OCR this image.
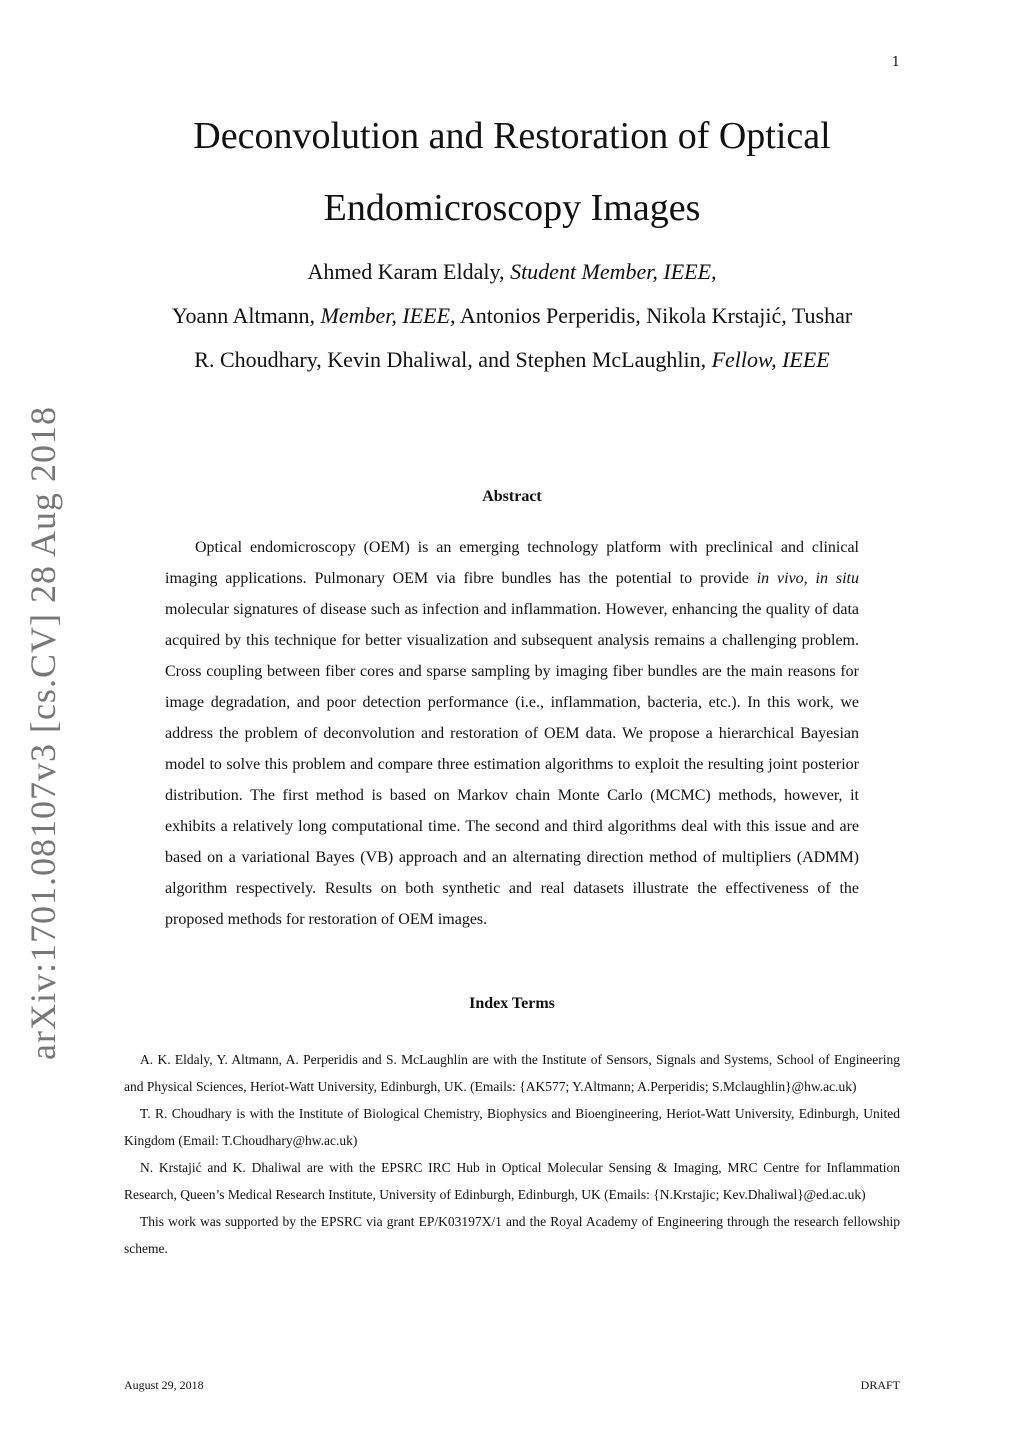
1
arXiv:1701.08107v3 [cs.CV] 28 Aug 2018
Deconvolution and Restoration of Optical
Endomicroscopy Images
Ahmed Karam Eldaly, Student Member, IEEE,
Yoann Altmann, Member, IEEE, Antonios Perperidis, Nikola Krstajić, Tushar
R. Choudhary, Kevin Dhaliwal, and Stephen McLaughlin, Fellow, IEEE
Abstract

Optical endomicroscopy (OEM) is an emerging technology platform with preclinical and clinical imaging applications. Pulmonary OEM via fibre bundles has the potential to provide in vivo, in situ molecular signatures of disease such as infection and inflammation. However, enhancing the quality of data acquired by this technique for better visualization and subsequent analysis remains a challenging problem. Cross coupling between fiber cores and sparse sampling by imaging fiber bundles are the main reasons for image degradation, and poor detection performance (i.e., inflammation, bacteria, etc.). In this work, we address the problem of deconvolution and restoration of OEM data. We propose a hierarchical Bayesian model to solve this problem and compare three estimation algorithms to exploit the resulting joint posterior distribution. The first method is based on Markov chain Monte Carlo (MCMC) methods, however, it exhibits a relatively long computational time. The second and third algorithms deal with this issue and are based on a variational Bayes (VB) approach and an alternating direction method of multipliers (ADMM) algorithm respectively. Results on both synthetic and real datasets illustrate the effectiveness of the proposed methods for restoration of OEM images.

Index Terms

A. K. Eldaly, Y. Altmann, A. Perperidis and S. McLaughlin are with the Institute of Sensors, Signals and Systems, School of Engineering and Physical Sciences, Heriot-Watt University, Edinburgh, UK. (Emails: {AK577; Y.Altmann; A.Perperidis; S.Mclaughlin}@hw.ac.uk)

T. R. Choudhary is with the Institute of Biological Chemistry, Biophysics and Bioengineering, Heriot-Watt University, Edinburgh, United Kingdom (Email: T.Choudhary@hw.ac.uk)

N. Krstajić and K. Dhaliwal are with the EPSRC IRC Hub in Optical Molecular Sensing & Imaging, MRC Centre for Inflammation Research, Queen’s Medical Research Institute, University of Edinburgh, Edinburgh, UK (Emails: {N.Krstajic; Kev.Dhaliwal}@ed.ac.uk)

This work was supported by the EPSRC via grant EP/K03197X/1 and the Royal Academy of Engineering through the research fellowship scheme.

August 29, 2018	DRAFT
